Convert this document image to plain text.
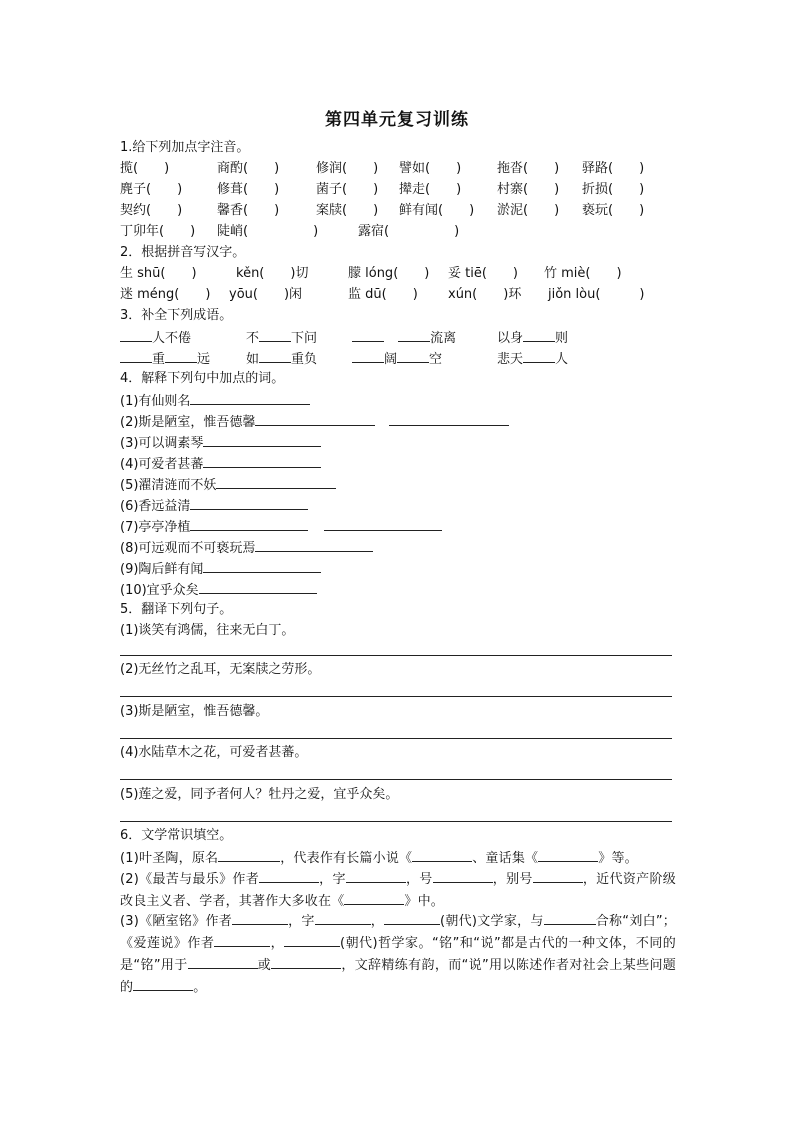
第四单元复习训练
1.给下列加点字注音。
揽(　　)	商酌(　　)	修润(　　) 譬如(　　)	拖沓(　　) 驿路(　　)
麂子(　　)	修葺(　　)	菌子(　　) 撵走(　　)	村寨(　　) 折损(　　)
契约(　　)	馨香(　　)	案牍(　　) 鲜有闻(　　) 淤泥(　　) 亵玩(　　)
丁卯年(　　) 陡峭(　　　　　)	露宿(　　　　　)
2．根据拼音写汉字。
生 shū(　　)	kěn(　　)切	朦 lóng(　　) 妥 tiē(　　) 竹 miè(　　)
迷 méng(　　) yōu(　　)闲	监 dū(　　) xún(　　)环 jiǒn lòu(　　　)
3．补全下列成语。
人不倦	不 下问	流离	以身 则
重 远	如 重负	阔 空	悲天 人
4．解释下列句中加点的词。
(1)有仙则名
(2)斯是陋室，惟吾德馨
(3)可以调素琴
(4)可爱者甚蕃
(5)濯清涟而不妖
(6)香远益清
(7)亭亭净植
(8)可远观而不可亵玩焉
(9)陶后鲜有闻
(10)宜乎众矣
5．翻译下列句子。
(1)谈笑有鸿儒，往来无白丁。
(2)无丝竹之乱耳，无案牍之劳形。
(3)斯是陋室，惟吾德馨。
(4)水陆草木之花，可爱者甚蕃。
(5)莲之爱，同予者何人？牡丹之爱，宜乎众矣。
6．文学常识填空。
(1)叶圣陶，原名	，代表作有长篇小说《	、童话集《	》等。
(2)《最苦与最乐》作者	，字	，号	，别号	，近代资产阶级改良主义者、学者，其著作大多收在《	》中。
(3)《陋室铭》作者	，字	，	(朝代)文学家，与	合称“刘白”；《爱莲说》作者	，	(朝代)哲学家。“铭”和“说”都是古代的一种文体，不同的是“铭”用于	或	，文辞精练有韵，而“说”用以陈述作者对社会上某些问题的	。
